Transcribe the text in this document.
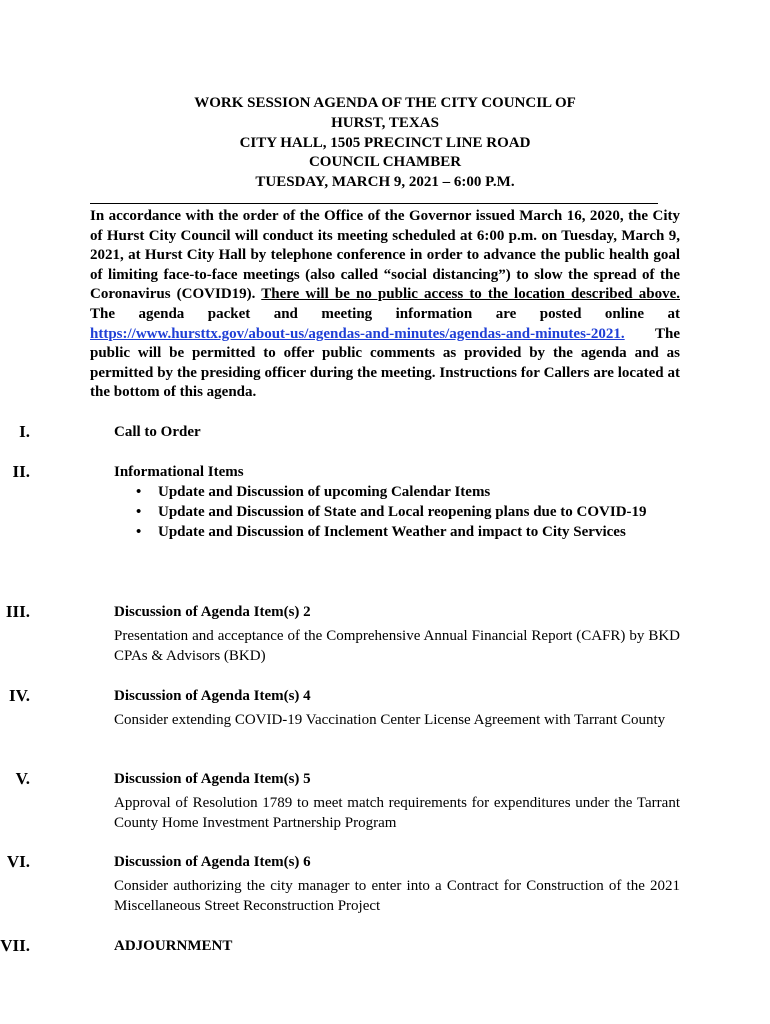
WORK SESSION AGENDA OF THE CITY COUNCIL OF
HURST, TEXAS
CITY HALL, 1505 PRECINCT LINE ROAD
COUNCIL CHAMBER
TUESDAY, MARCH 9, 2021 – 6:00 P.M.
In accordance with the order of the Office of the Governor issued March 16, 2020, the City of Hurst City Council will conduct its meeting scheduled at 6:00 p.m. on Tuesday, March 9, 2021, at Hurst City Hall by telephone conference in order to advance the public health goal of limiting face-to-face meetings (also called “social distancing”) to slow the spread of the Coronavirus (COVID19). There will be no public access to the location described above. The agenda packet and meeting information are posted online at https://www.hursttx.gov/about-us/agendas-and-minutes/agendas-and-minutes-2021. The public will be permitted to offer public comments as provided by the agenda and as permitted by the presiding officer during the meeting. Instructions for Callers are located at the bottom of this agenda.
I.	Call to Order
II.	Informational Items
• Update and Discussion of upcoming Calendar Items
• Update and Discussion of State and Local reopening plans due to COVID-19
• Update and Discussion of Inclement Weather and impact to City Services
III.	Discussion of Agenda Item(s) 2
Presentation and acceptance of the Comprehensive Annual Financial Report (CAFR) by BKD CPAs & Advisors (BKD)
IV.	Discussion of Agenda Item(s) 4
Consider extending COVID-19 Vaccination Center License Agreement with Tarrant County
V.	Discussion of Agenda Item(s) 5
Approval of Resolution 1789 to meet match requirements for expenditures under the Tarrant County Home Investment Partnership Program
VI.	Discussion of Agenda Item(s) 6
Consider authorizing the city manager to enter into a Contract for Construction of the 2021 Miscellaneous Street Reconstruction Project
VII.	ADJOURNMENT
